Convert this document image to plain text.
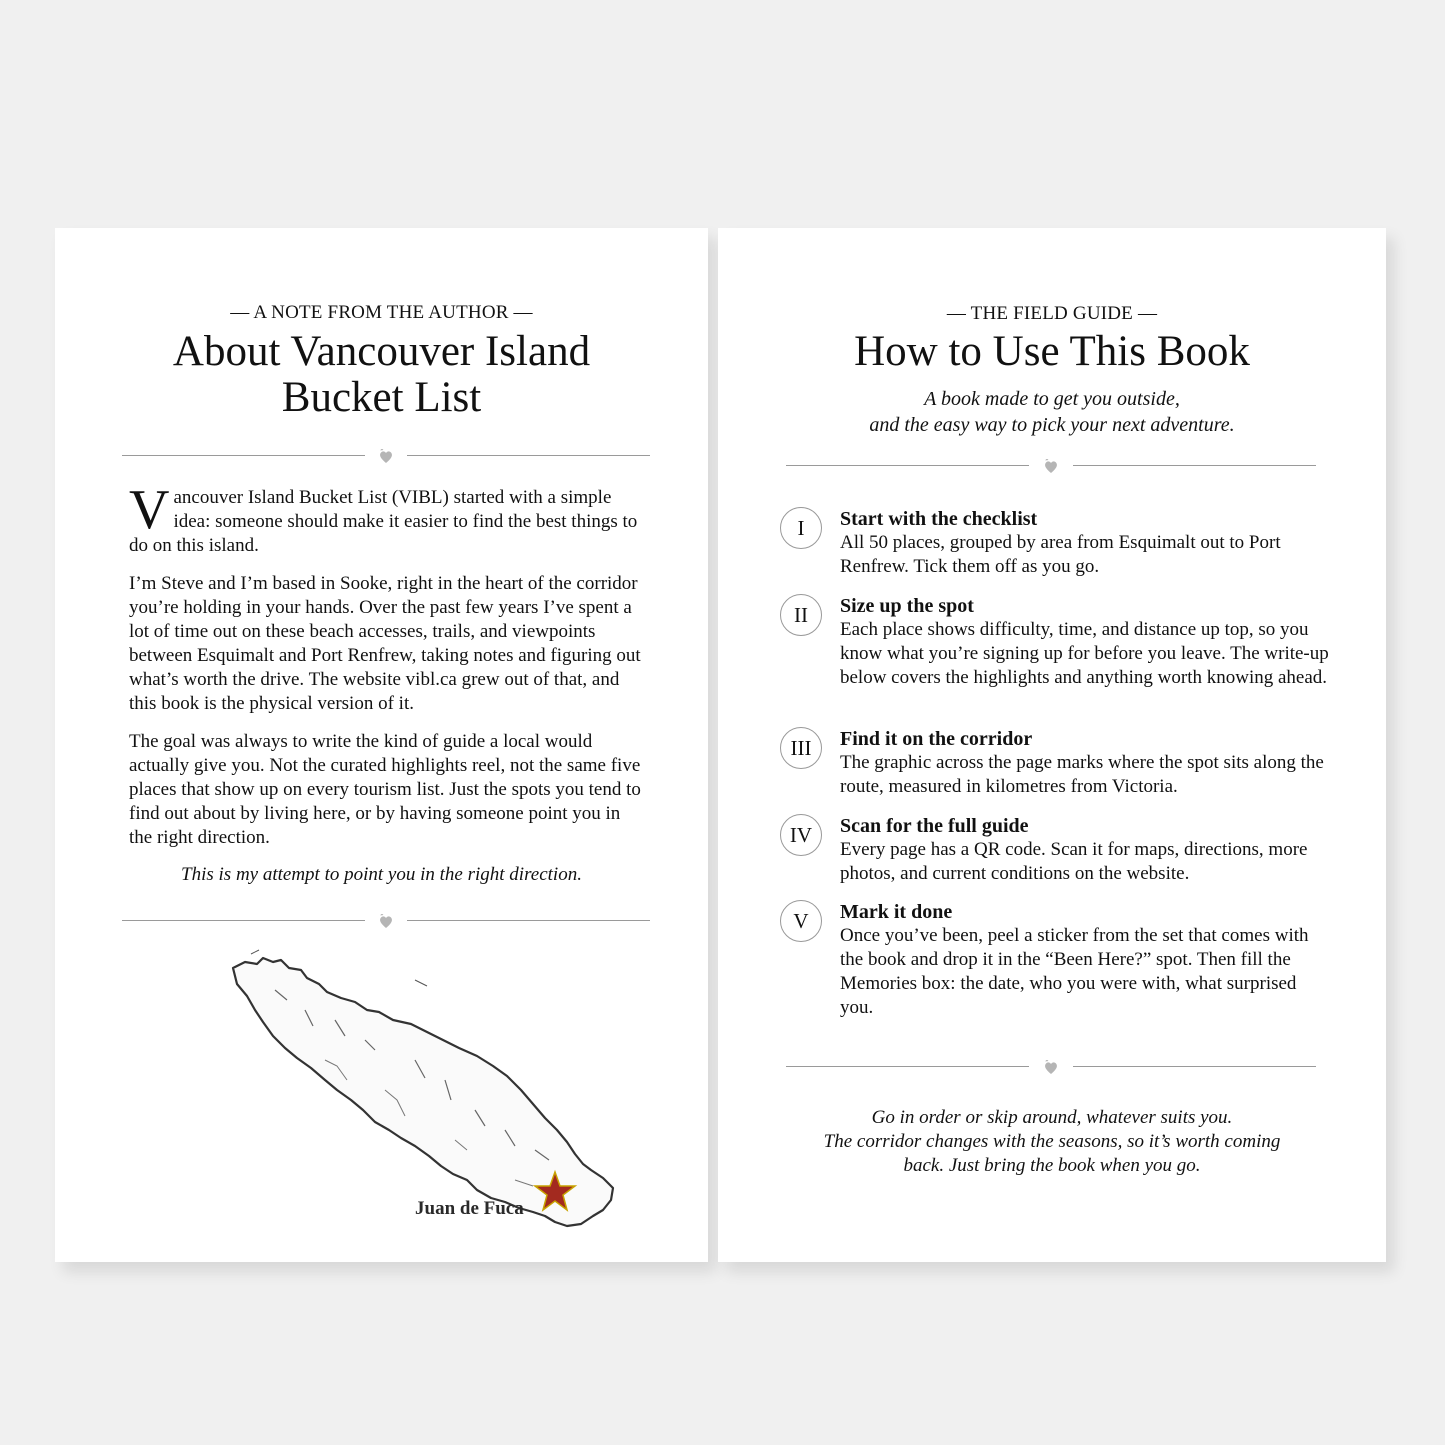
— A NOTE FROM THE AUTHOR —
About Vancouver Island
Bucket List

Vancouver Island Bucket List (VIBL) started with a simple idea: someone should make it easier to find the best things to do on this island.

I’m Steve and I’m based in Sooke, right in the heart of the corridor you’re holding in your hands. Over the past few years I’ve spent a lot of time out on these beach accesses, trails, and viewpoints between Esquimalt and Port Renfrew, taking notes and figuring out what’s worth the drive. The website vibl.ca grew out of that, and this book is the physical version of it.

The goal was always to write the kind of guide a local would actually give you. Not the curated highlights reel, not the same five places that show up on every tourism list. Just the spots you tend to find out about by living here, or by having someone point you in the right direction.

This is my attempt to point you in the right direction.
Juan de Fuca
— THE FIELD GUIDE —
How to Use This Book
A book made to get you outside,
and the easy way to pick your next adventure.
I	Start with the checklist
All 50 places, grouped by area from Esquimalt out to Port Renfrew. Tick them off as you go.
II	Size up the spot
Each place shows difficulty, time, and distance up top, so you know what you’re signing up for before you leave. The write-up below covers the highlights and anything worth knowing ahead.
III	Find it on the corridor
The graphic across the page marks where the spot sits along the route, measured in kilometres from Victoria.
IV	Scan for the full guide
Every page has a QR code. Scan it for maps, directions, more photos, and current conditions on the website.
V	Mark it done
Once you’ve been, peel a sticker from the set that comes with the book and drop it in the “Been Here?” spot. Then fill the Memories box: the date, who you were with, what surprised you.
Go in order or skip around, whatever suits you.
The corridor changes with the seasons, so it’s worth coming
back. Just bring the book when you go.
